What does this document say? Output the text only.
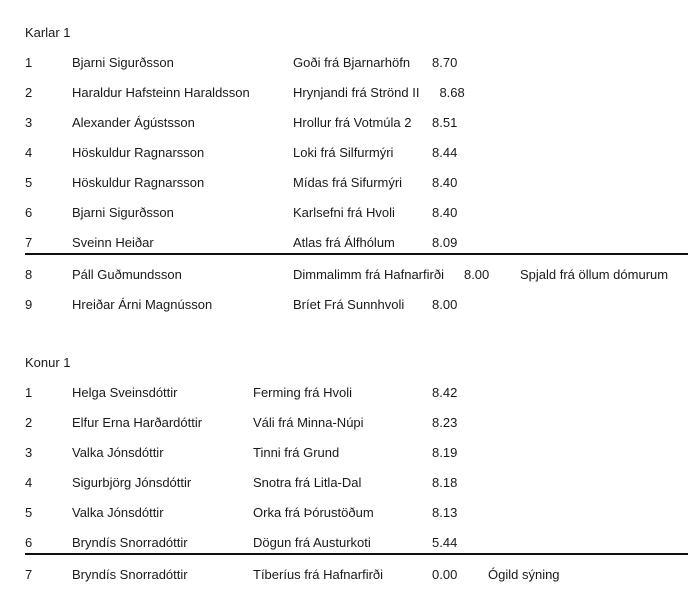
Karlar 1
1	Bjarni Sigurðsson	Goði frá Bjarnarhöfn 8.70
2	Haraldur Hafsteinn Haraldsson	Hrynjandi frá Strönd II 8.68
3	Alexander Ágústsson	Hrollur frá Votmúla 2 8.51
4	Höskuldur Ragnarsson	Loki frá Silfurmýri	8.44
5	Höskuldur Ragnarsson	Mídas frá Sifurmýri	8.40
6	Bjarni Sigurðsson	Karlsefni frá Hvoli	8.40
7	Sveinn Heiðar	Atlas frá Álfhólum	8.09
8	Páll Guðmundsson	Dimmalimm frá Hafnarfirði 8.00	Spjald frá öllum dómurum
9	Hreiðar Árni Magnússon	Bríet Frá Sunnhvoli	8.00
Konur 1
1	Helga Sveinsdóttir	Ferming frá Hvoli	8.42
2	Elfur Erna Harðardóttir	Váli frá Minna-Núpi	8.23
3	Valka Jónsdóttir	Tinni frá Grund	8.19
4	Sigurbjörg Jónsdóttir	Snotra frá Litla-Dal	8.18
5	Valka Jónsdóttir	Orka frá Þórustöðum	8.13
6	Bryndís Snorradóttir	Dögun frá Austurkoti	5.44
7	Bryndís Snorradóttir	Tíberíus frá Hafnarfirði	0.00	Ógild sýning
